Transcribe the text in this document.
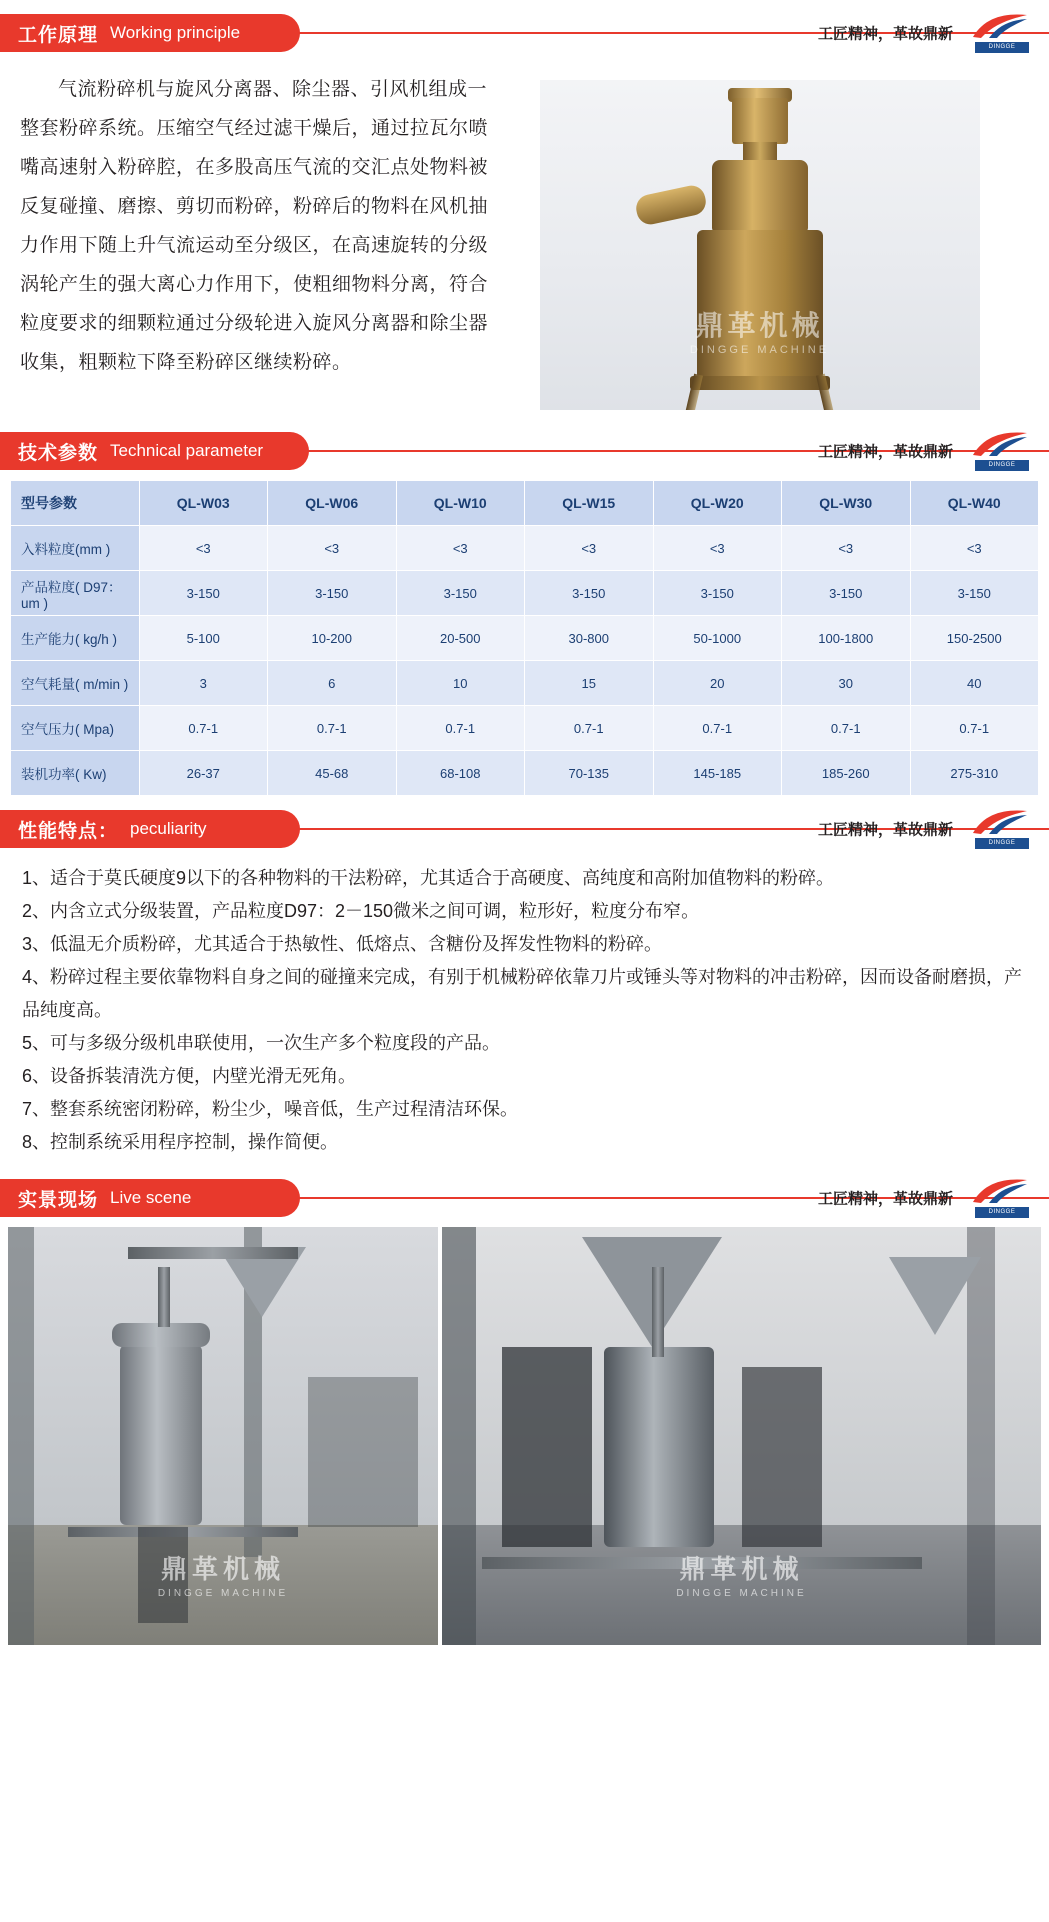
工作原理 Working principle	工匠精神，革故鼎新
DINGGE MACHINE
气流粉碎机与旋风分离器、除尘器、引风机组成一整套粉碎系统。压缩空气经过滤干燥后，通过拉瓦尔喷嘴高速射入粉碎腔，在多股高压气流的交汇点处物料被反复碰撞、磨擦、剪切而粉碎，粉碎后的物料在风机抽力作用下随上升气流运动至分级区，在高速旋转的分级涡轮产生的强大离心力作用下，使粗细物料分离，符合粒度要求的细颗粒通过分级轮进入旋风分离器和除尘器收集，粗颗粒下降至粉碎区继续粉碎。
鼎革机械
DINGGE MACHINE
技术参数 Technical parameter	工匠精神，革故鼎新
DINGGE MACHINE
型号参数	QL-W03	QL-W06	QL-W10	QL-W15	QL-W20	QL-W30	QL-W40
入料粒度(mm )	<3	<3	<3	<3	<3	<3	<3
产品粒度( D97：um )	3-150	3-150	3-150	3-150	3-150	3-150	3-150
生产能力( kg/h )	5-100	10-200	20-500	30-800	50-1000	100-1800	150-2500
空气耗量( m/min )	3	6	10	15	20	30	40
空气压力( Mpa)	0.7-1	0.7-1	0.7-1	0.7-1	0.7-1	0.7-1	0.7-1
装机功率( Kw)	26-37	45-68	68-108	70-135	145-185	185-260	275-310
性能特点： peculiarity	工匠精神，革故鼎新
DINGGE MACHINE

1、适合于莫氏硬度9以下的各种物料的干法粉碎，尤其适合于高硬度、高纯度和高附加值物料的粉碎。

2、内含立式分级装置，产品粒度D97：2－150微米之间可调，粒形好，粒度分布窄。

3、低温无介质粉碎，尤其适合于热敏性、低熔点、含糖份及挥发性物料的粉碎。

4、粉碎过程主要依靠物料自身之间的碰撞来完成，有别于机械粉碎依靠刀片或锤头等对物料的冲击粉碎，因而设备耐磨损，产品纯度高。

5、可与多级分级机串联使用，一次生产多个粒度段的产品。

6、设备拆装清洗方便，内壁光滑无死角。

7、整套系统密闭粉碎，粉尘少，噪音低，生产过程清洁环保。

8、控制系统采用程序控制，操作简便。

实景现场 Live scene	工匠精神，革故鼎新
DINGGE MACHINE
鼎革机械
DINGGE MACHINE
鼎革机械
DINGGE MACHINE
